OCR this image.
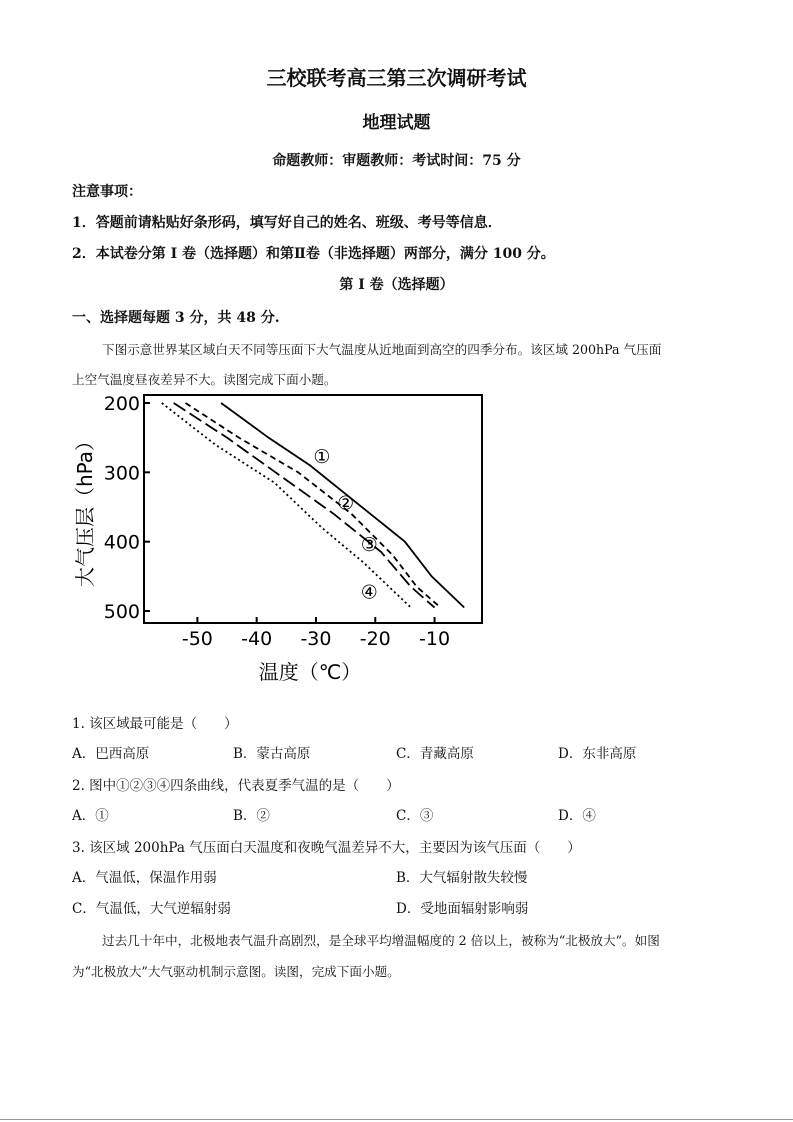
三校联考高三第三次调研考试
地理试题
命题教师：审题教师：考试时间：75 分
注意事项：
1．答题前请粘贴好条形码，填写好自己的姓名、班级、考号等信息．
2．本试卷分第 I 卷（选择题）和第Ⅱ卷（非选择题）两部分，满分 100 分。
第 I 卷（选择题）
一、选择题每题 3 分，共 48 分.
下图示意世界某区域白天不同等压面下大气温度从近地面到高空的四季分布。该区域 200hPa 气压面
上空气温度昼夜差异不大。读图完成下面小题。
-50 -40 -30 -20 -10
200
300
400
500
①
②
③
④
温度（℃）
大气压层（hPa）
1. 该区域最可能是（　　）
A．巴西高原	B．蒙古高原	C．青藏高原	D．东非高原
2. 图中①②③④四条曲线，代表夏季气温的是（　　）
A．①	B．②	C．③	D．④
3. 该区域 200hPa 气压面白天温度和夜晚气温差异不大，主要因为该气压面（　　）
A．气温低，保温作用弱	B．大气辐射散失较慢
C．气温低，大气逆辐射弱	D．受地面辐射影响弱
过去几十年中，北极地表气温升高剧烈，是全球平均增温幅度的 2 倍以上，被称为“北极放大”。如图
为“北极放大”大气驱动机制示意图。读图，完成下面小题。
